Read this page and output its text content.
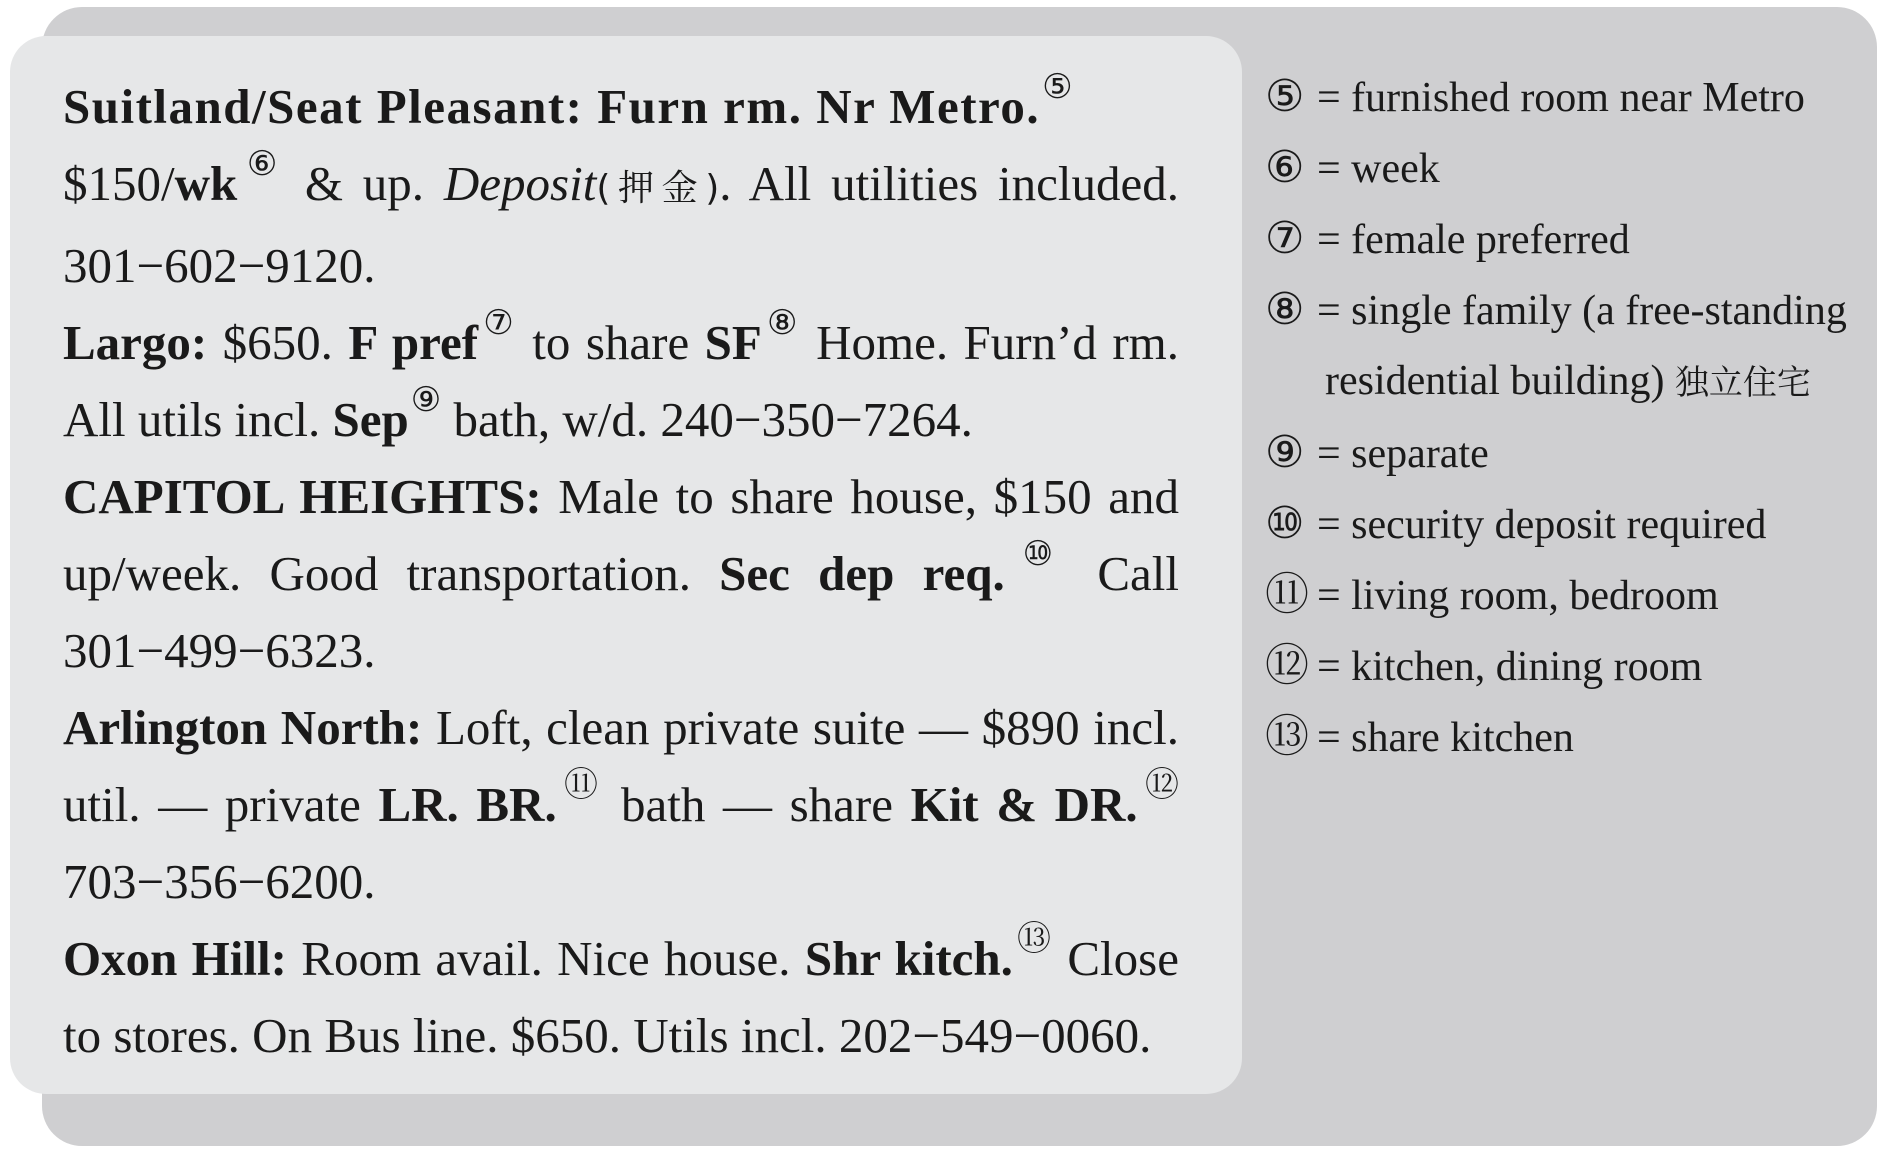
Suitland/Seat Pleasant: Furn rm. Nr Metro.⑤
$150/wk⑥ & up. Deposit(押金). All utilities included. 301−602−9120.

Largo: $650. F pref⑦ to share SF⑧ Home. Furn’d rm. All utils incl. Sep⑨ bath, w/d. 240−350−7264.

CAPITOL HEIGHTS: Male to share house, $150 and up/week. Good transportation. Sec dep req.⑩ Call 301−499−6323.

Arlington North: Loft, clean private suite — $890 incl. util. — private LR. BR.⑪ bath — share Kit & DR.⑫ 703−356−6200.

Oxon Hill: Room avail. Nice house. Shr kitch.⑬ Close to stores. On Bus line. $650. Utils incl. 202−549−0060.

⑤ = furnished room near Metro
⑥ = week
⑦ = female preferred
⑧ = single family (a free-standing residential building) 独立住宅
⑨ = separate
⑩ = security deposit required
⑪ = living room, bedroom
⑫ = kitchen, dining room
⑬ = share kitchen
